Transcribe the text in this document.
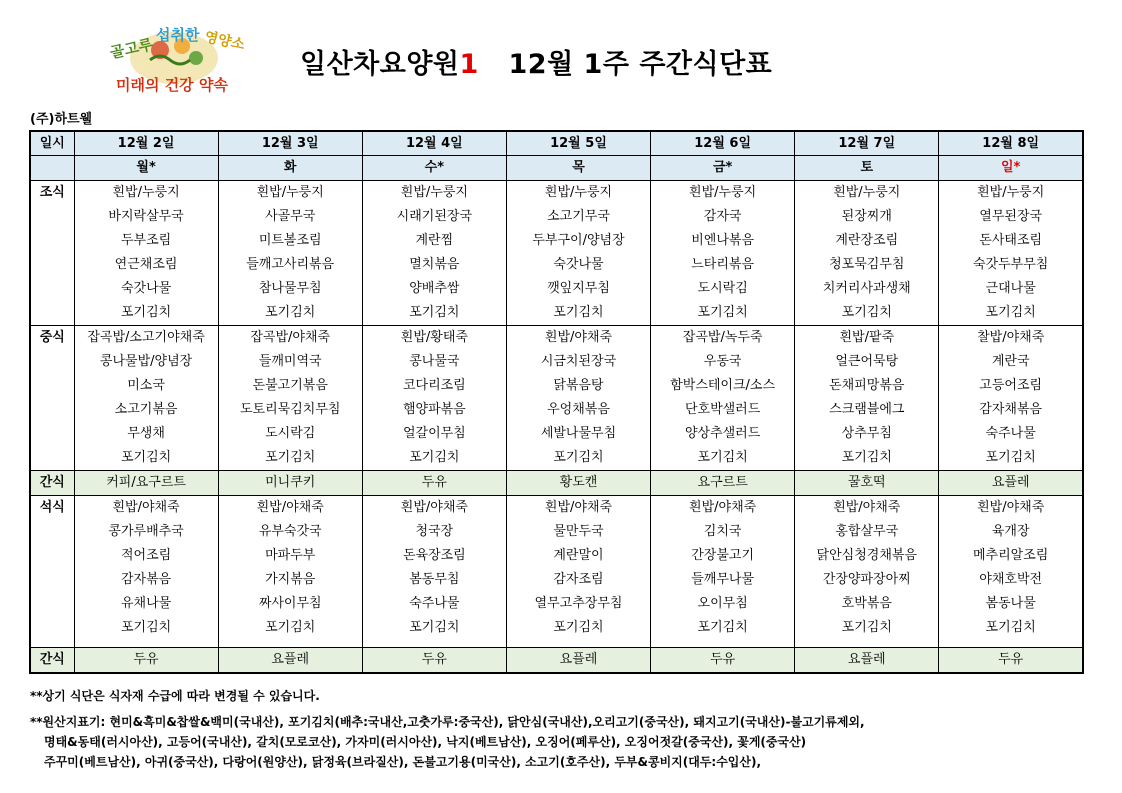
골고루
섭취한 영양소
미래의 건강 약속
일산차요양원1   12월 1주 주간식단표
(주)하트웰
일시	12월 2일	12월 3일	12월 4일	12월 5일	12월 6일	12월 7일	12월 8일
	월*	화	수*	목	금*	토	일*
조식	흰밥/누룽지	흰밥/누룽지	흰밥/누룽지	흰밥/누룽지	흰밥/누룽지	흰밥/누룽지	흰밥/누룽지
	바지락살무국	사골무국	시래기된장국	소고기무국	감자국	된장찌개	열무된장국
	두부조림	미트볼조림	계란찜	두부구이/양념장	비엔나볶음	계란장조림	돈사태조림
	연근채조림	들깨고사리볶음	멸치볶음	숙갓나물	느타리볶음	청포묵김무침	숙갓두부무침
	숙갓나물	참나물무침	양배추쌈	깻잎지무침	도시락김	치커리사과생채	근대나물
	포기김치	포기김치	포기김치	포기김치	포기김치	포기김치	포기김치
중식	잡곡밥/소고기야채죽	잡곡밥/야채죽	흰밥/황태죽	흰밥/야채죽	잡곡밥/녹두죽	흰밥/팥죽	찰밥/야채죽
	콩나물밥/양념장	들깨미역국	콩나물국	시금치된장국	우동국	얼큰어묵탕	계란국
	미소국	돈불고기볶음	코다리조림	닭볶음탕	함박스테이크/소스	돈채피망볶음	고등어조림
	소고기볶음	도토리묵김치무침	햄양파볶음	우엉채볶음	단호박샐러드	스크램블에그	감자채볶음
	무생채	도시락김	얼갈이무침	세발나물무침	양상추샐러드	상추무침	숙주나물
	포기김치	포기김치	포기김치	포기김치	포기김치	포기김치	포기김치
간식	커피/요구르트	미니쿠키	두유	황도캔	요구르트	꿀호떡	요플레
석식	흰밥/야채죽	흰밥/야채죽	흰밥/야채죽	흰밥/야채죽	흰밥/야채죽	흰밥/야채죽	흰밥/야채죽
	콩가루배추국	유부숙갓국	청국장	물만두국	김치국	홍합살무국	육개장
	적어조림	마파두부	돈육장조림	계란말이	간장불고기	닭안심청경채볶음	메추리알조림
	감자볶음	가지볶음	봄동무침	감자조림	들깨무나물	간장양파장아찌	야채호박전
	유채나물	짜사이무침	숙주나물	열무고추장무침	오이무침	호박볶음	봄동나물
	포기김치	포기김치	포기김치	포기김치	포기김치	포기김치	포기김치

간식	두유	요플레	두유	요플레	두유	요플레	두유
**상기 식단은 식자재 수급에 따라 변경될 수 있습니다.
**원산지표기: 현미&흑미&찹쌀&백미(국내산), 포기김치(배추:국내산,고춧가루:중국산), 닭안심(국내산),오리고기(중국산), 돼지고기(국내산)-불고기류제외,
명태&동태(러시아산), 고등어(국내산), 갈치(모로코산), 가자미(러시아산), 낙지(베트남산), 오징어(페루산), 오징어젓갈(중국산), 꽃게(중국산)
주꾸미(베트남산), 아귀(중국산), 다랑어(원양산), 닭정육(브라질산), 돈불고기용(미국산), 소고기(호주산), 두부&콩비지(대두:수입산),
